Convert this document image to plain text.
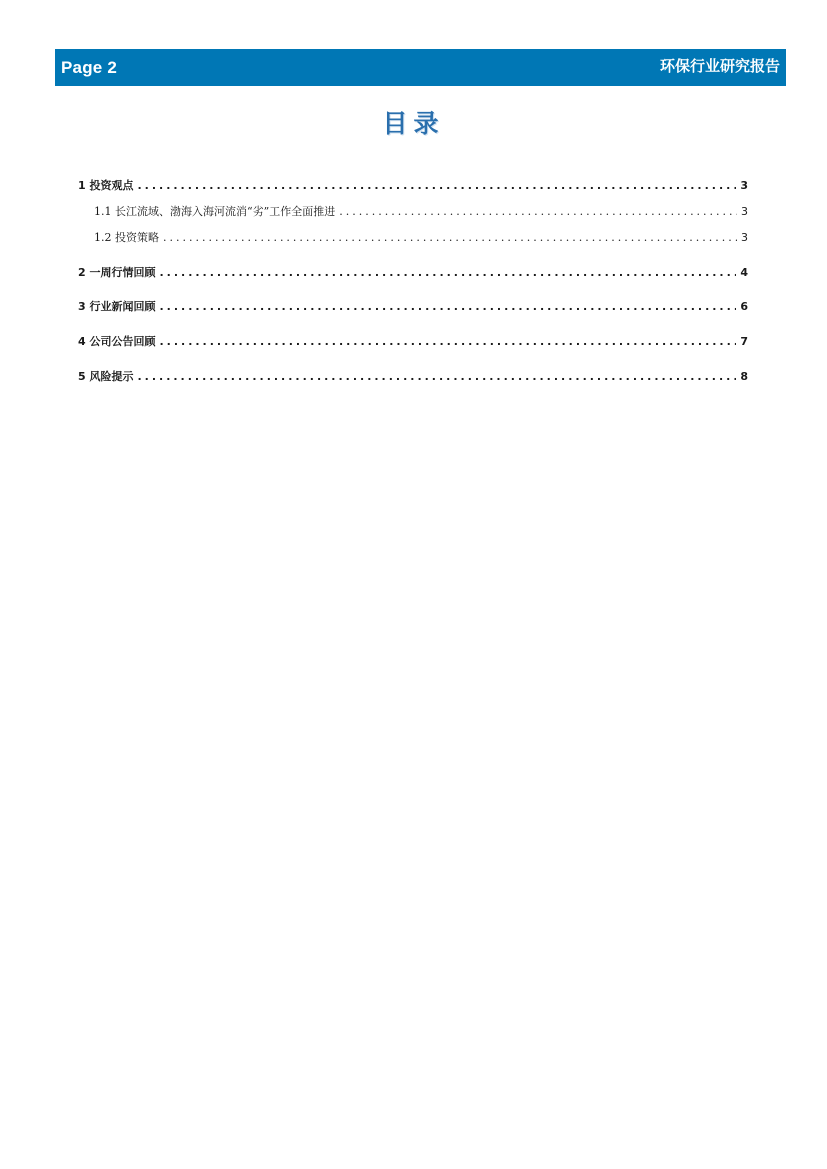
Page 2	环保行业研究报告
目录
1 投资观点 .....	3
1.1 长江流域、渤海入海河流消“劣”工作全面推进 .....	3
1.2 投资策略 .....	3
2 一周行情回顾 .....	4
3 行业新闻回顾 .....	6
4 公司公告回顾 .....	7
5 风险提示 .....	8
